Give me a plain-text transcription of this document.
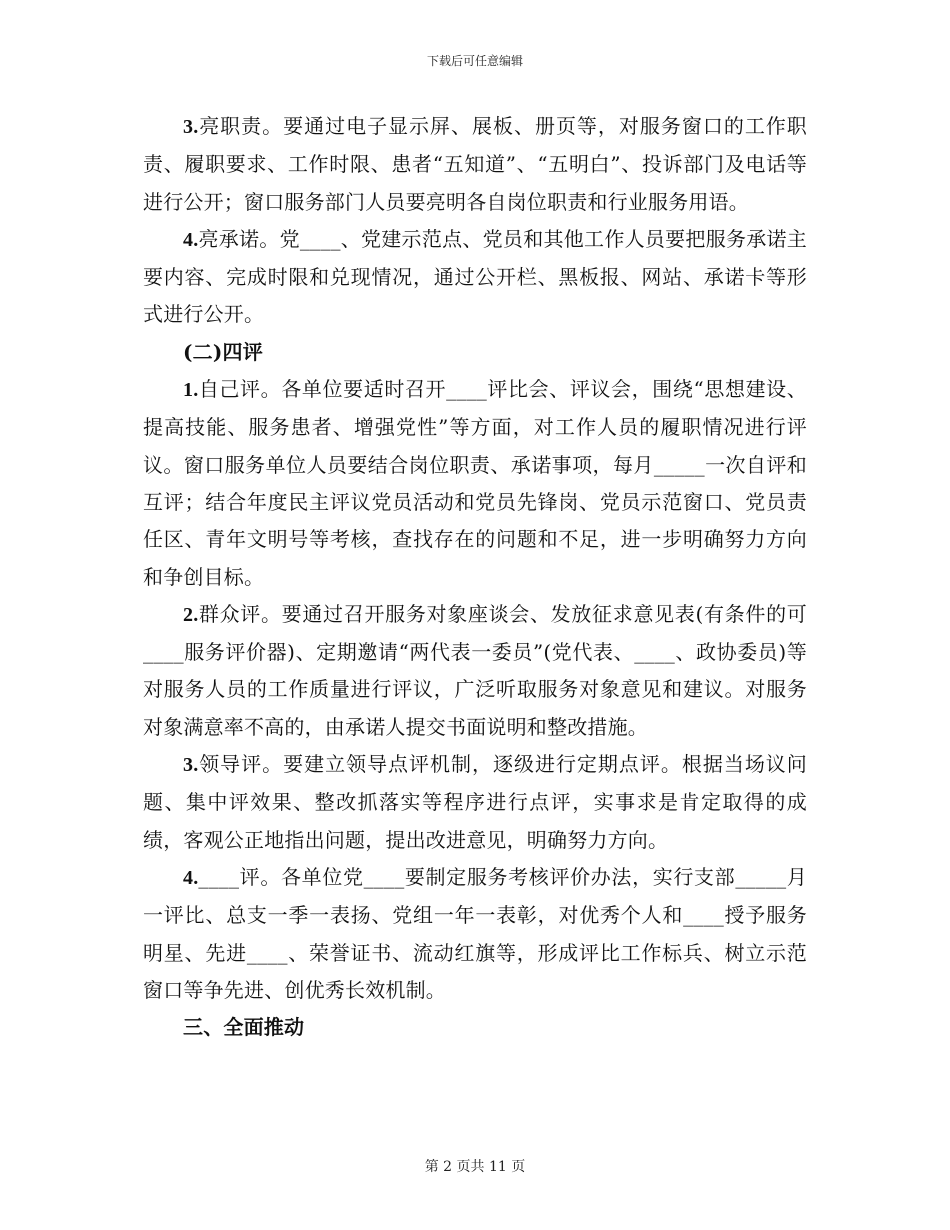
下载后可任意编辑

3.亮职责。要通过电子显示屏、展板、册页等，对服务窗口的工作职责、履职要求、工作时限、患者“五知道”、“五明白”、投诉部门及电话等进行公开；窗口服务部门人员要亮明各自岗位职责和行业服务用语。

4.亮承诺。党____、党建示范点、党员和其他工作人员要把服务承诺主要内容、完成时限和兑现情况，通过公开栏、黑板报、网站、承诺卡等形式进行公开。

(二)四评

1.自己评。各单位要适时召开____评比会、评议会，围绕“思想建设、提高技能、服务患者、增强党性”等方面，对工作人员的履职情况进行评议。窗口服务单位人员要结合岗位职责、承诺事项，每月_____一次自评和互评；结合年度民主评议党员活动和党员先锋岗、党员示范窗口、党员责任区、青年文明号等考核，查找存在的问题和不足，进一步明确努力方向和争创目标。

2.群众评。要通过召开服务对象座谈会、发放征求意见表(有条件的可____服务评价器)、定期邀请“两代表一委员”(党代表、____、政协委员)等对服务人员的工作质量进行评议，广泛听取服务对象意见和建议。对服务对象满意率不高的，由承诺人提交书面说明和整改措施。

3.领导评。要建立领导点评机制，逐级进行定期点评。根据当场议问题、集中评效果、整改抓落实等程序进行点评，实事求是肯定取得的成绩，客观公正地指出问题，提出改进意见，明确努力方向。

4.____评。各单位党____要制定服务考核评价办法，实行支部_____月一评比、总支一季一表扬、党组一年一表彰，对优秀个人和____授予服务明星、先进____、荣誉证书、流动红旗等，形成评比工作标兵、树立示范窗口等争先进、创优秀长效机制。

三、全面推动

第 2 页共 11 页
